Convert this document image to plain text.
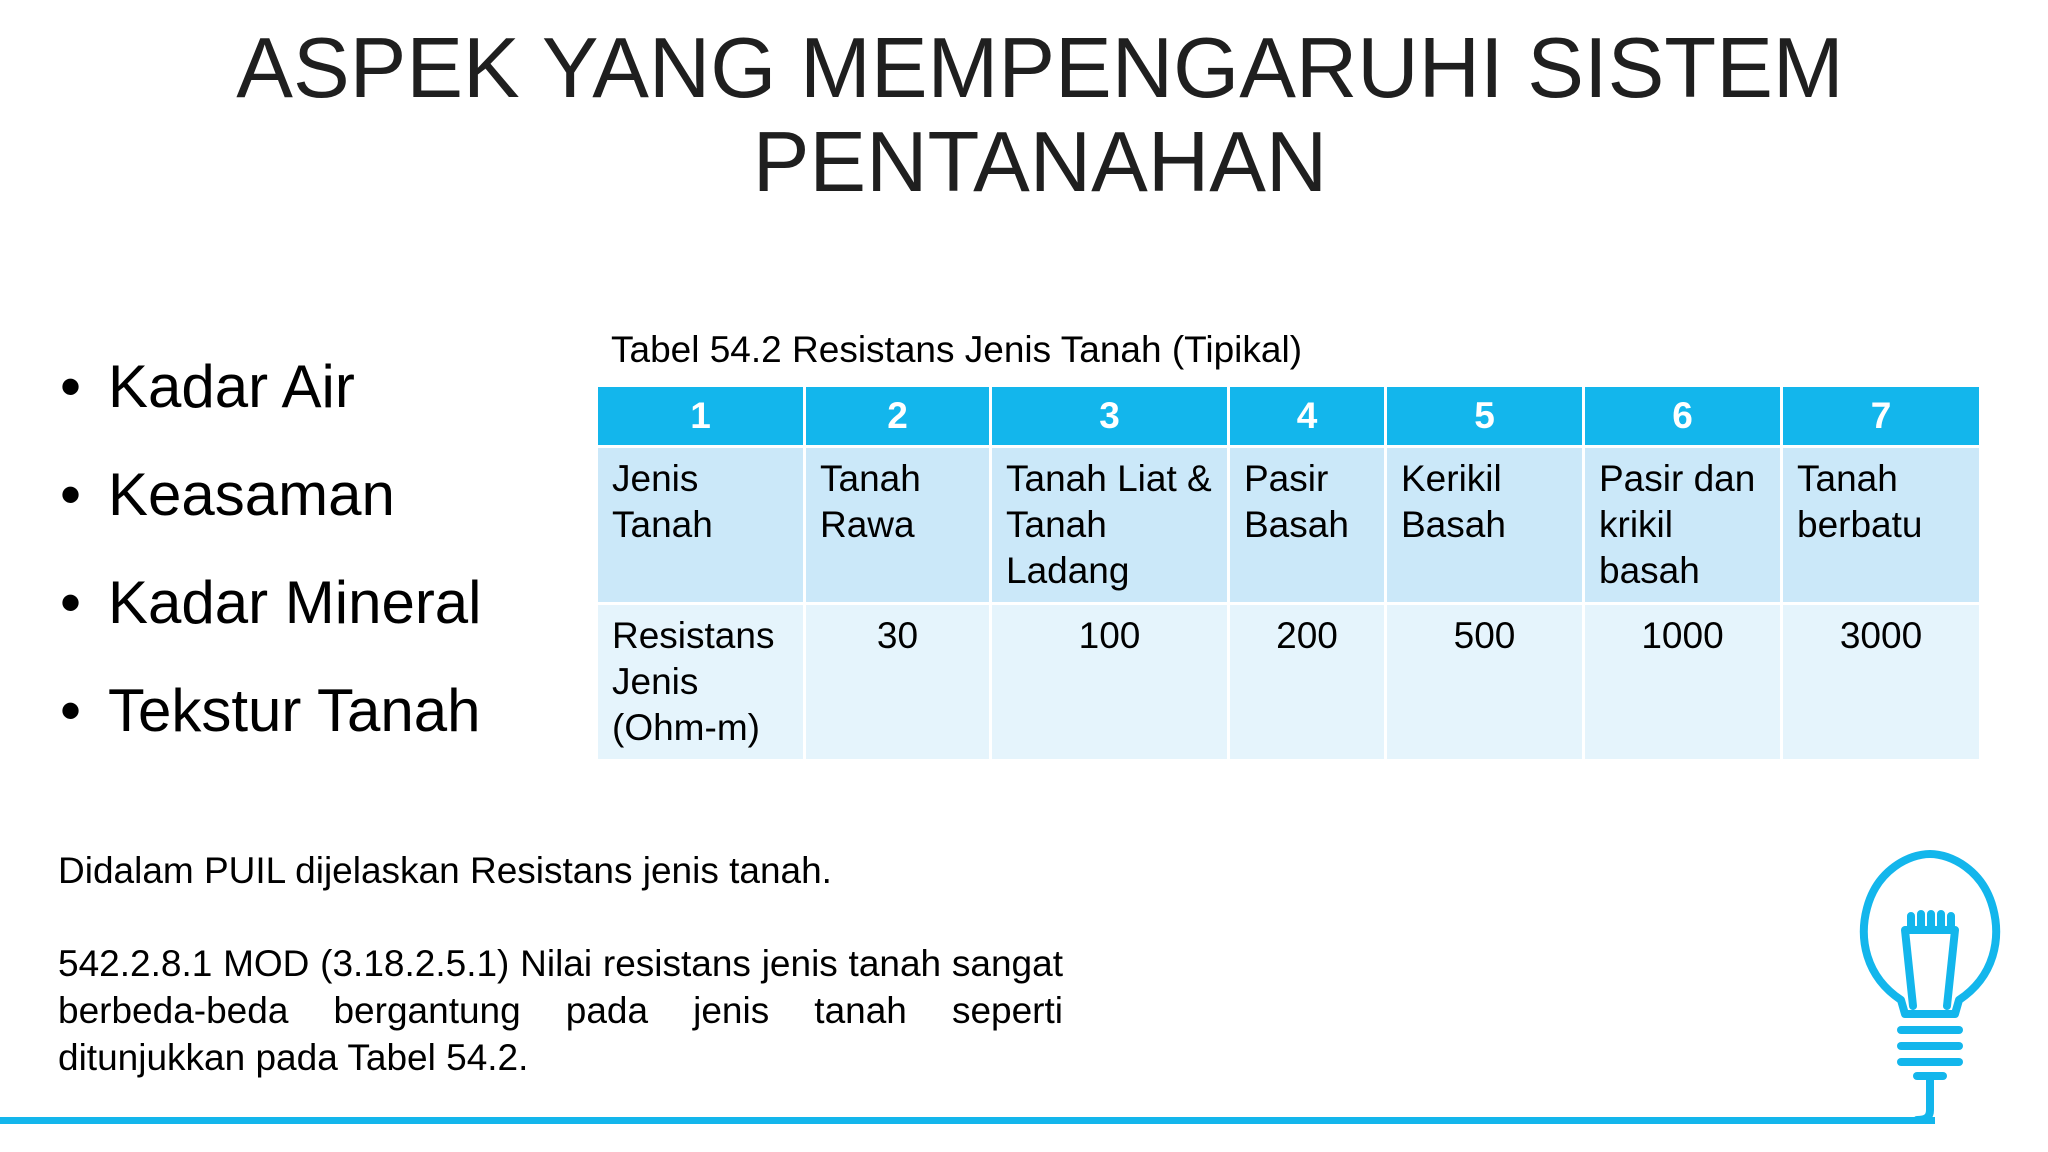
ASPEK YANG MEMPENGARUHI SISTEM PENTANAHAN
• Kadar Air
• Keasaman
• Kadar Mineral
• Tekstur Tanah
Tabel 54.2 Resistans Jenis Tanah (Tipikal)
1	2	3	4	5	6	7
Jenis Tanah	Tanah Rawa	Tanah Liat & Tanah Ladang	Pasir Basah	Kerikil Basah	Pasir dan krikil basah	Tanah berbatu
Resistans Jenis (Ohm-m)	30	100	200	500	1000	3000
Didalam PUIL dijelaskan Resistans jenis tanah.
542.2.8.1 MOD (3.18.2.5.1) Nilai resistans jenis tanah sangat berbeda-beda bergantung pada jenis tanah seperti ditunjukkan pada Tabel 54.2.
